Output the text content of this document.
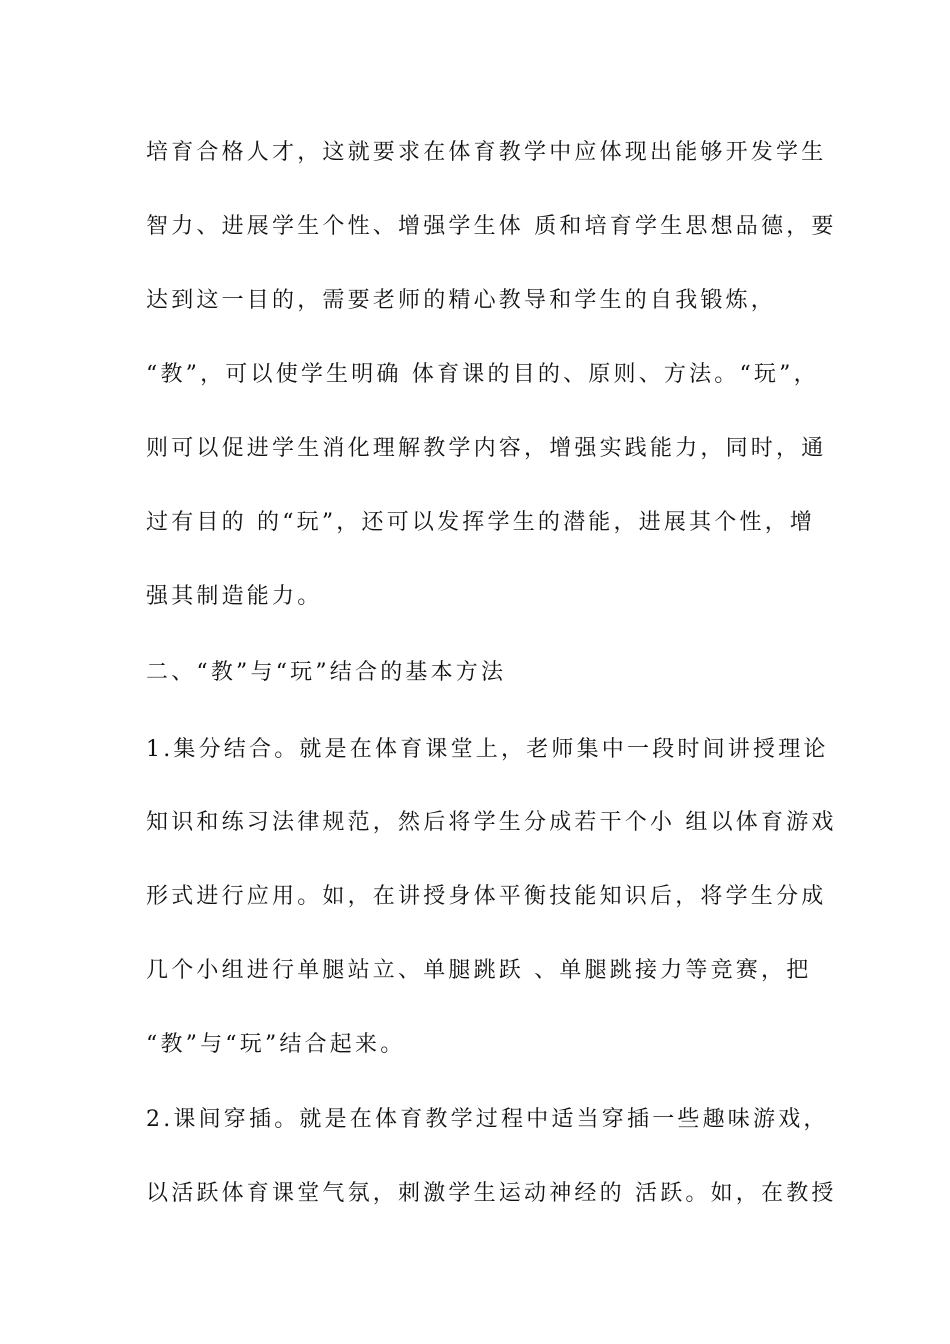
培育合格人才，这就要求在体育教学中应体现出能够开发学生
智力、进展学生个性、增强学生体 质和培育学生思想品德，要
达到这一目的，需要老师的精心教导和学生的自我锻炼，
“教”，可以使学生明确 体育课的目的、原则、方法。“玩”，
则可以促进学生消化理解教学内容，增强实践能力，同时，通
过有目的 的“玩”，还可以发挥学生的潜能，进展其个性，增
强其制造能力。
二、“教”与“玩”结合的基本方法
1.集分结合。就是在体育课堂上，老师集中一段时间讲授理论
知识和练习法律规范，然后将学生分成若干个小 组以体育游戏
形式进行应用。如，在讲授身体平衡技能知识后，将学生分成
几个小组进行单腿站立、单腿跳跃 、单腿跳接力等竞赛，把
“教”与“玩”结合起来。
2.课间穿插。就是在体育教学过程中适当穿插一些趣味游戏，
以活跃体育课堂气氛，刺激学生运动神经的 活跃。如，在教授
